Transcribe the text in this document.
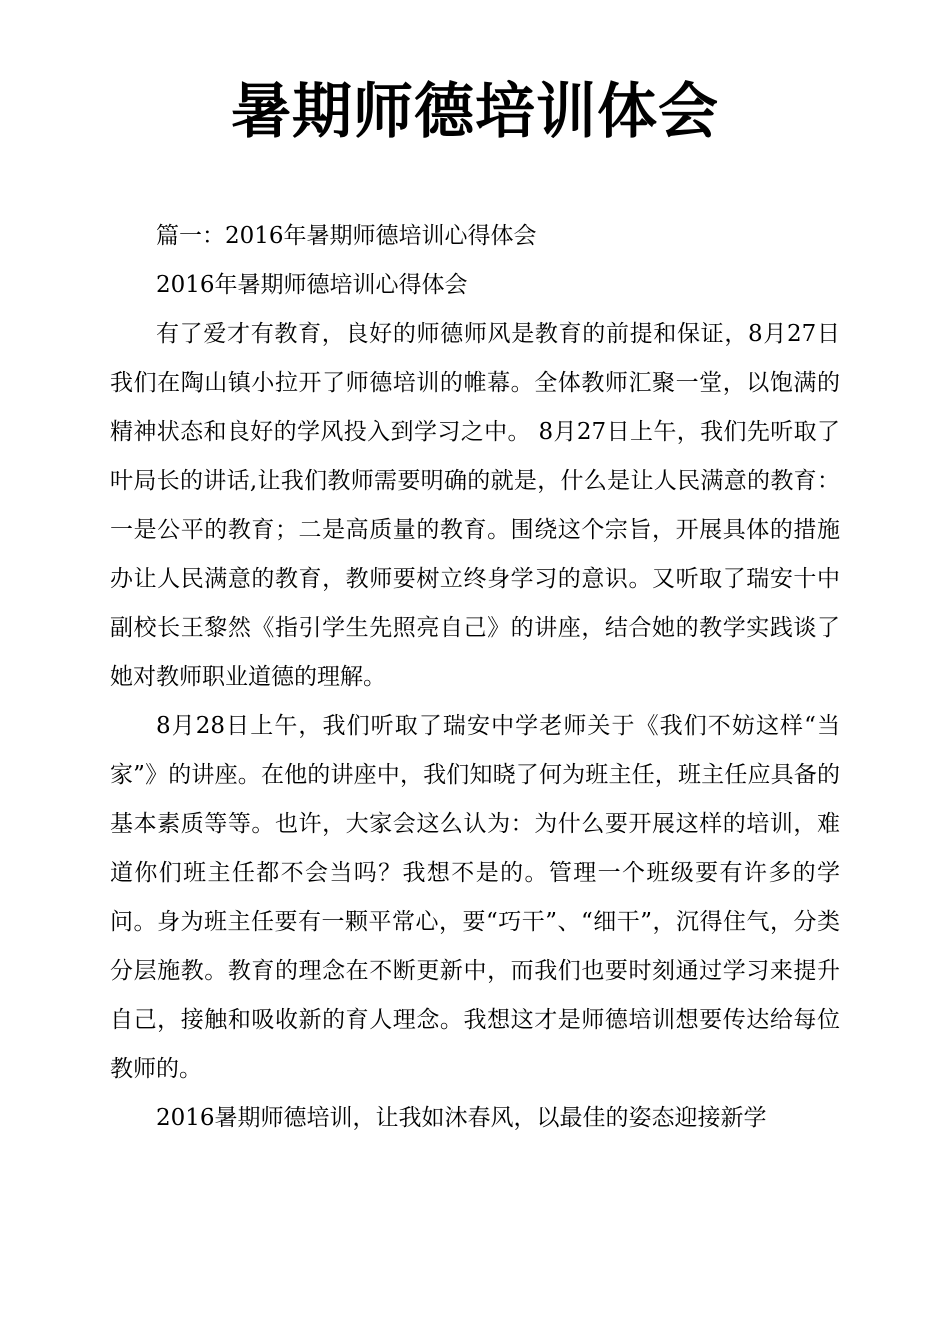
暑期师德培训体会

篇一：2016年暑期师德培训心得体会

2016年暑期师德培训心得体会

有了爱才有教育，良好的师德师风是教育的前提和保证，8月27日我们在陶山镇小拉开了师德培训的帷幕。全体教师汇聚一堂，以饱满的精神状态和良好的学风投入到学习之中。 8月27日上午，我们先听取了叶局长的讲话,让我们教师需要明确的就是，什么是让人民满意的教育：一是公平的教育；二是高质量的教育。围绕这个宗旨，开展具体的措施办让人民满意的教育，教师要树立终身学习的意识。又听取了瑞安十中副校长王黎然《指引学生先照亮自己》的讲座，结合她的教学实践谈了她对教师职业道德的理解。

8月28日上午，我们听取了瑞安中学老师关于《我们不妨这样“当家”》的讲座。在他的讲座中，我们知晓了何为班主任，班主任应具备的基本素质等等。也许，大家会这么认为：为什么要开展这样的培训，难道你们班主任都不会当吗？我想不是的。管理一个班级要有许多的学问。身为班主任要有一颗平常心，要“巧干”、“细干”，沉得住气，分类分层施教。教育的理念在不断更新中，而我们也要时刻通过学习来提升自己，接触和吸收新的育人理念。我想这才是师德培训想要传达给每位教师的。

2016暑期师德培训，让我如沐春风，以最佳的姿态迎接新学
